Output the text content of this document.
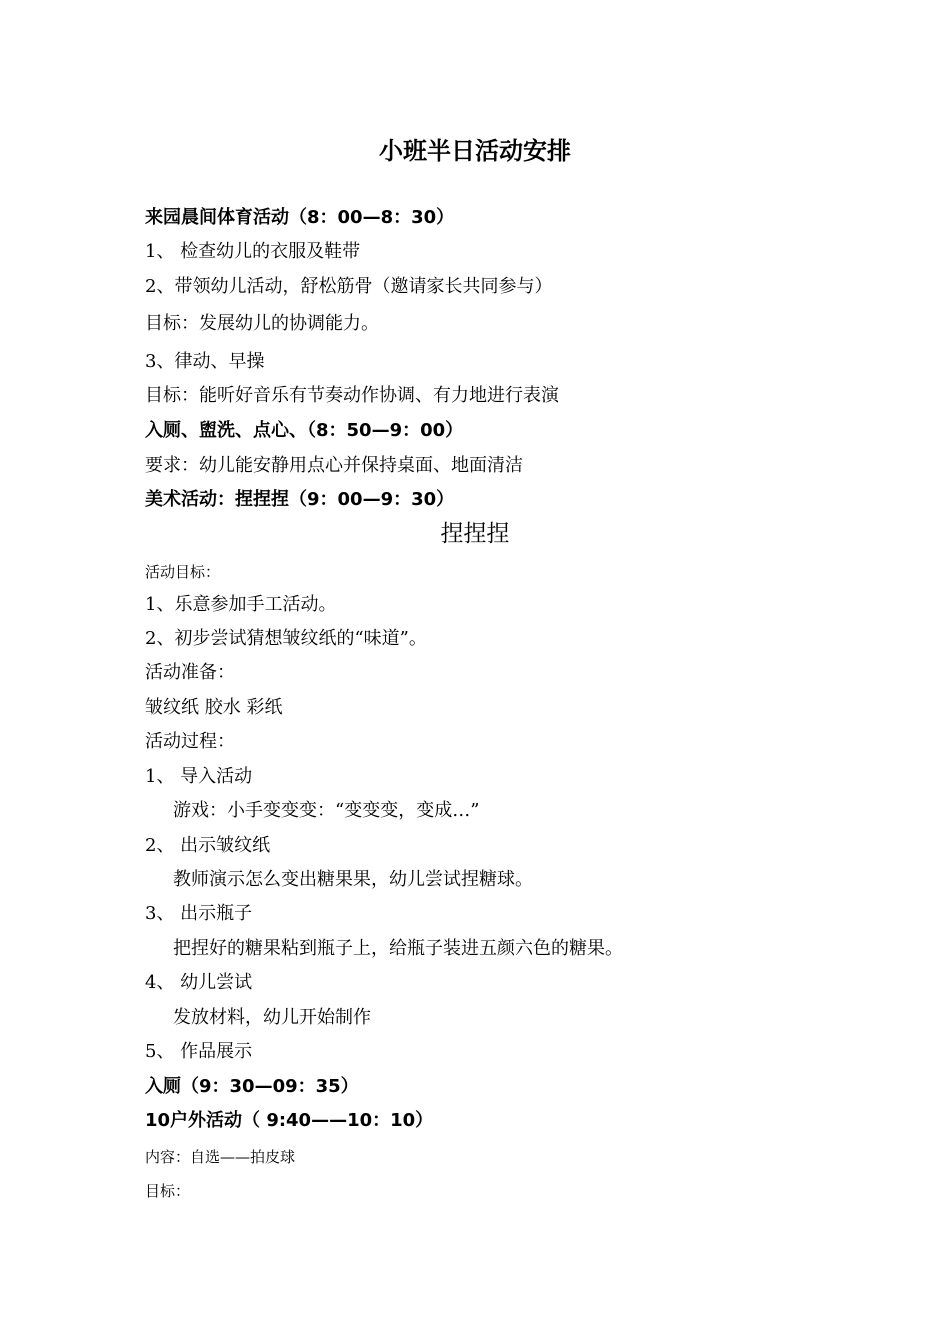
小班半日活动安排
来园晨间体育活动（8：00—8：30）
1、 检查幼儿的衣服及鞋带
2、带领幼儿活动，舒松筋骨（邀请家长共同参与）
目标：发展幼儿的协调能力。
3、律动、早操
目标：能听好音乐有节奏动作协调、有力地进行表演
入厕、盥洗、点心、（8：50—9：00）
要求：幼儿能安静用点心并保持桌面、地面清洁
美术活动：捏捏捏（9：00—9：30）
捏捏捏
活动目标：
1、乐意参加手工活动。
2、初步尝试猜想皱纹纸的“味道”。
活动准备：
皱纹纸 胶水 彩纸
活动过程：
1、 导入活动
游戏：小手变变变：“变变变，变成…”
2、 出示皱纹纸
教师演示怎么变出糖果果，幼儿尝试捏糖球。
3、 出示瓶子
把捏好的糖果粘到瓶子上，给瓶子装进五颜六色的糖果。
4、 幼儿尝试
发放材料，幼儿开始制作
5、 作品展示
入厕（9：30—09：35）
10户外活动（ 9:40——10：10）
内容：自选——拍皮球
目标：
